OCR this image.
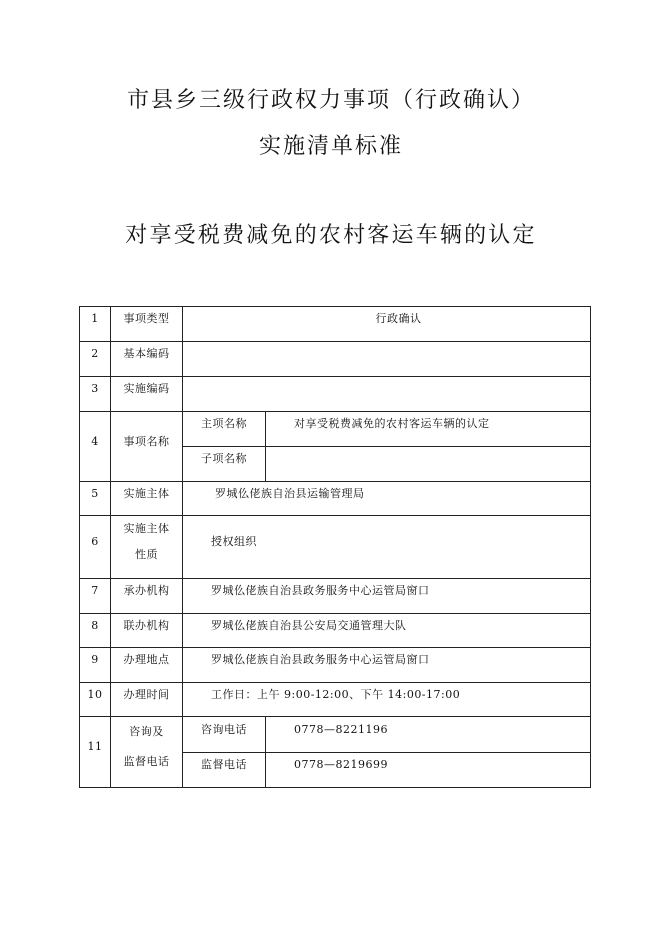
市县乡三级行政权力事项（行政确认）
实施清单标准
对享受税费减免的农村客运车辆的认定
1	事项类型	行政确认	
2	基本编码		
3	实施编码		
4	事项名称	主项名称	对享受税费减免的农村客运车辆的认定
		子项名称	
5	实施主体	罗城仫佬族自治县运输管理局	
6	实施主体
性质	授权组织	
7	承办机构	罗城仫佬族自治县政务服务中心运管局窗口	
8	联办机构	罗城仫佬族自治县公安局交通管理大队	
9	办理地点	罗城仫佬族自治县政务服务中心运管局窗口	
10	办理时间	工作日：上午 9:00-12:00、下午 14:00-17:00	
11	咨询及
监督电话	咨询电话	0778—8221196
		监督电话	0778—8219699
